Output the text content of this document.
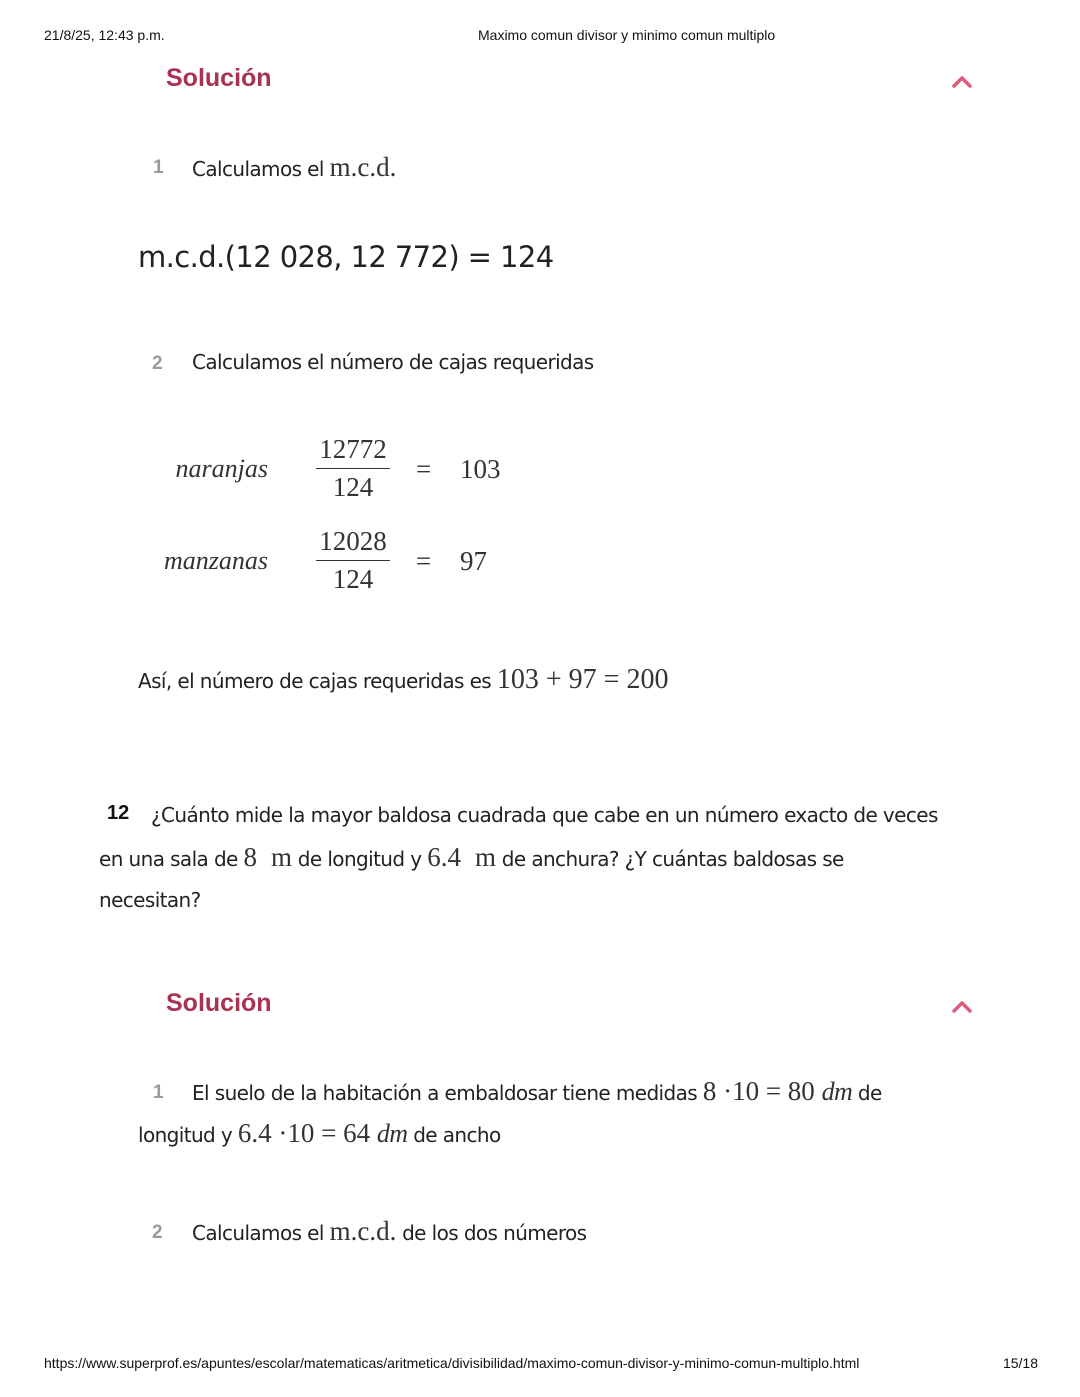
21/8/25, 12:43 p.m.	Maximo comun divisor y minimo comun multiplo
Solución
1 Calculamos el m.c.d.
m.c.d.(12 028, 12 772) = 124
2 Calculamos el número de cajas requeridas
naranjas $\frac{12772}{124} = 103$
manzanas $\frac{12028}{124} = 97$
Así, el número de cajas requeridas es 103 + 97 = 200
12 ¿Cuánto mide la mayor baldosa cuadrada que cabe en un número exacto de veces
en una sala de 8 m de longitud y 6.4 m de anchura? ¿Y cuántas baldosas se
necesitan?
Solución
1 El suelo de la habitación a embaldosar tiene medidas 8 ·10 = 80 dm de
longitud y 6.4 ·10 = 64 dm de ancho
2 Calculamos el m.c.d. de los dos números
https://www.superprof.es/apuntes/escolar/matematicas/aritmetica/divisibilidad/maximo-comun-divisor-y-minimo-comun-multiplo.html	15/18
